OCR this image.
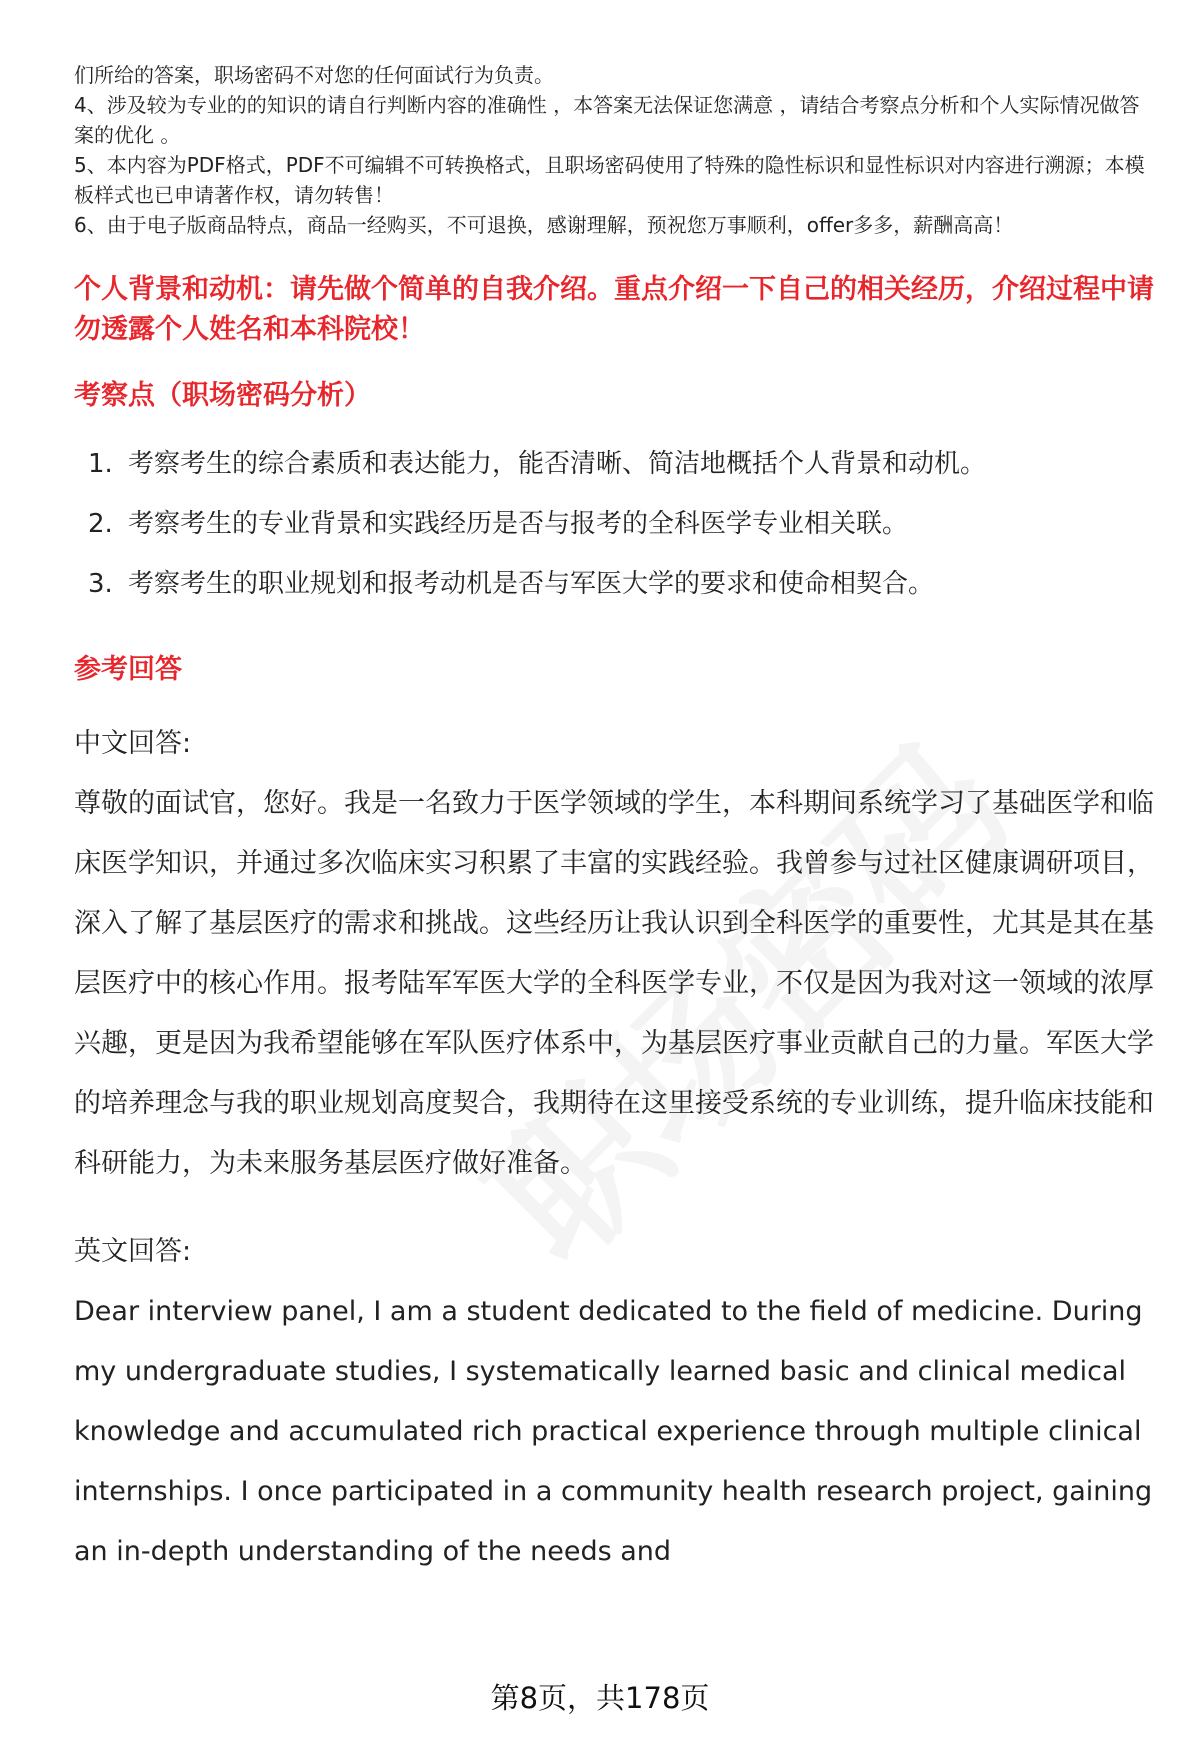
们所给的答案，职场密码不对您的任何面试行为负责。

4、涉及较为专业的的知识的请自行判断内容的准确性 ，本答案无法保证您满意 ，请结合考察点分析和个人实际情况做答案的优化 。

5、本内容为PDF格式，PDF不可编辑不可转换格式，且职场密码使用了特殊的隐性标识和显性标识对内容进行溯源；本模板样式也已申请著作权，请勿转售！

6、由于电子版商品特点，商品一经购买，不可退换，感谢理解，预祝您万事顺利，offer多多，薪酬高高！

个人背景和动机：请先做个简单的自我介绍。重点介绍一下自己的相关经历，介绍过程中请勿透露个人姓名和本科院校！
考察点（职场密码分析）
1. 考察考生的综合素质和表达能力，能否清晰、简洁地概括个人背景和动机。
2. 考察考生的专业背景和实践经历是否与报考的全科医学专业相关联。
3. 考察考生的职业规划和报考动机是否与军医大学的要求和使命相契合。
参考回答
中文回答:
尊敬的面试官，您好。我是一名致力于医学领域的学生，本科期间系统学习了基础医学和临床医学知识，并通过多次临床实习积累了丰富的实践经验。我曾参与过社区健康调研项目，深入了解了基层医疗的需求和挑战。这些经历让我认识到全科医学的重要性，尤其是其在基层医疗中的核心作用。报考陆军军医大学的全科医学专业，不仅是因为我对这一领域的浓厚兴趣，更是因为我希望能够在军队医疗体系中，为基层医疗事业贡献自己的力量。军医大学的培养理念与我的职业规划高度契合，我期待在这里接受系统的专业训练，提升临床技能和科研能力，为未来服务基层医疗做好准备。
英文回答:
Dear interview panel, I am a student dedicated to the field of medicine. During my undergraduate studies, I systematically learned basic and clinical medical knowledge and accumulated rich practical experience through multiple clinical internships. I once participated in a community health research project, gaining an in-depth understanding of the needs and
第8页，共178页
